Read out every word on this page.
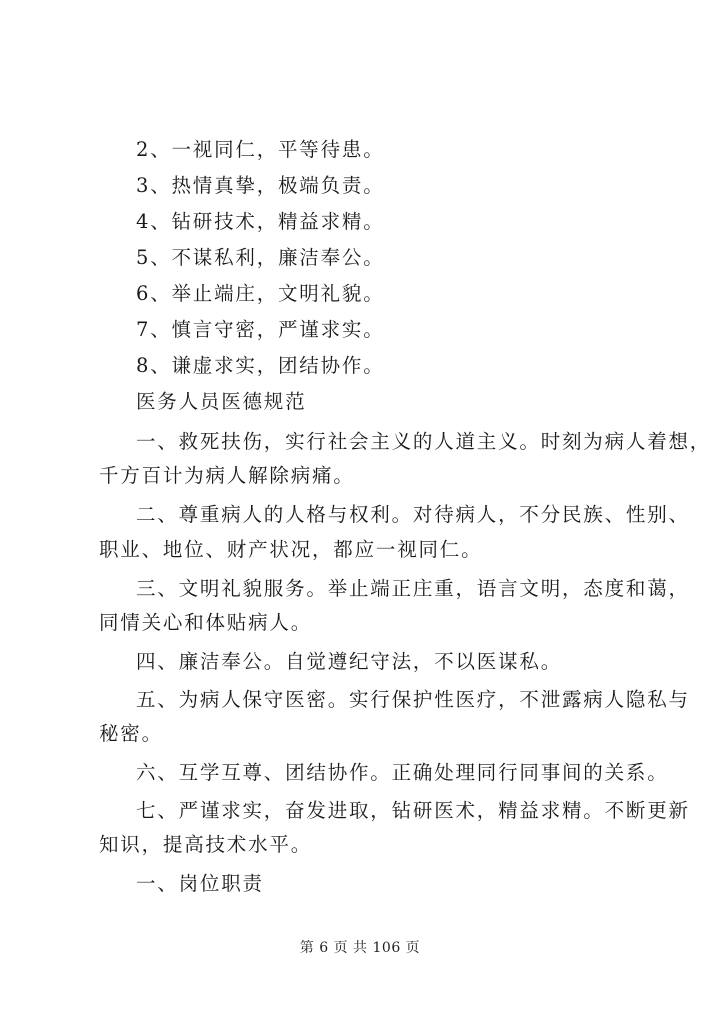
2、一视同仁，平等待患。
3、热情真挚，极端负责。
4、钻研技术，精益求精。
5、不谋私利，廉洁奉公。
6、举止端庄，文明礼貌。
7、慎言守密，严谨求实。
8、谦虚求实，团结协作。
医务人员医德规范
一、救死扶伤，实行社会主义的人道主义。时刻为病人着想，
千方百计为病人解除病痛。
二、尊重病人的人格与权利。对待病人，不分民族、性别、
职业、地位、财产状况，都应一视同仁。
三、文明礼貌服务。举止端正庄重，语言文明，态度和蔼，
同情关心和体贴病人。
四、廉洁奉公。自觉遵纪守法，不以医谋私。
五、为病人保守医密。实行保护性医疗，不泄露病人隐私与
秘密。
六、互学互尊、团结协作。正确处理同行同事间的关系。
七、严谨求实，奋发进取，钻研医术，精益求精。不断更新
知识，提高技术水平。
一、岗位职责
第 6 页 共 106 页
